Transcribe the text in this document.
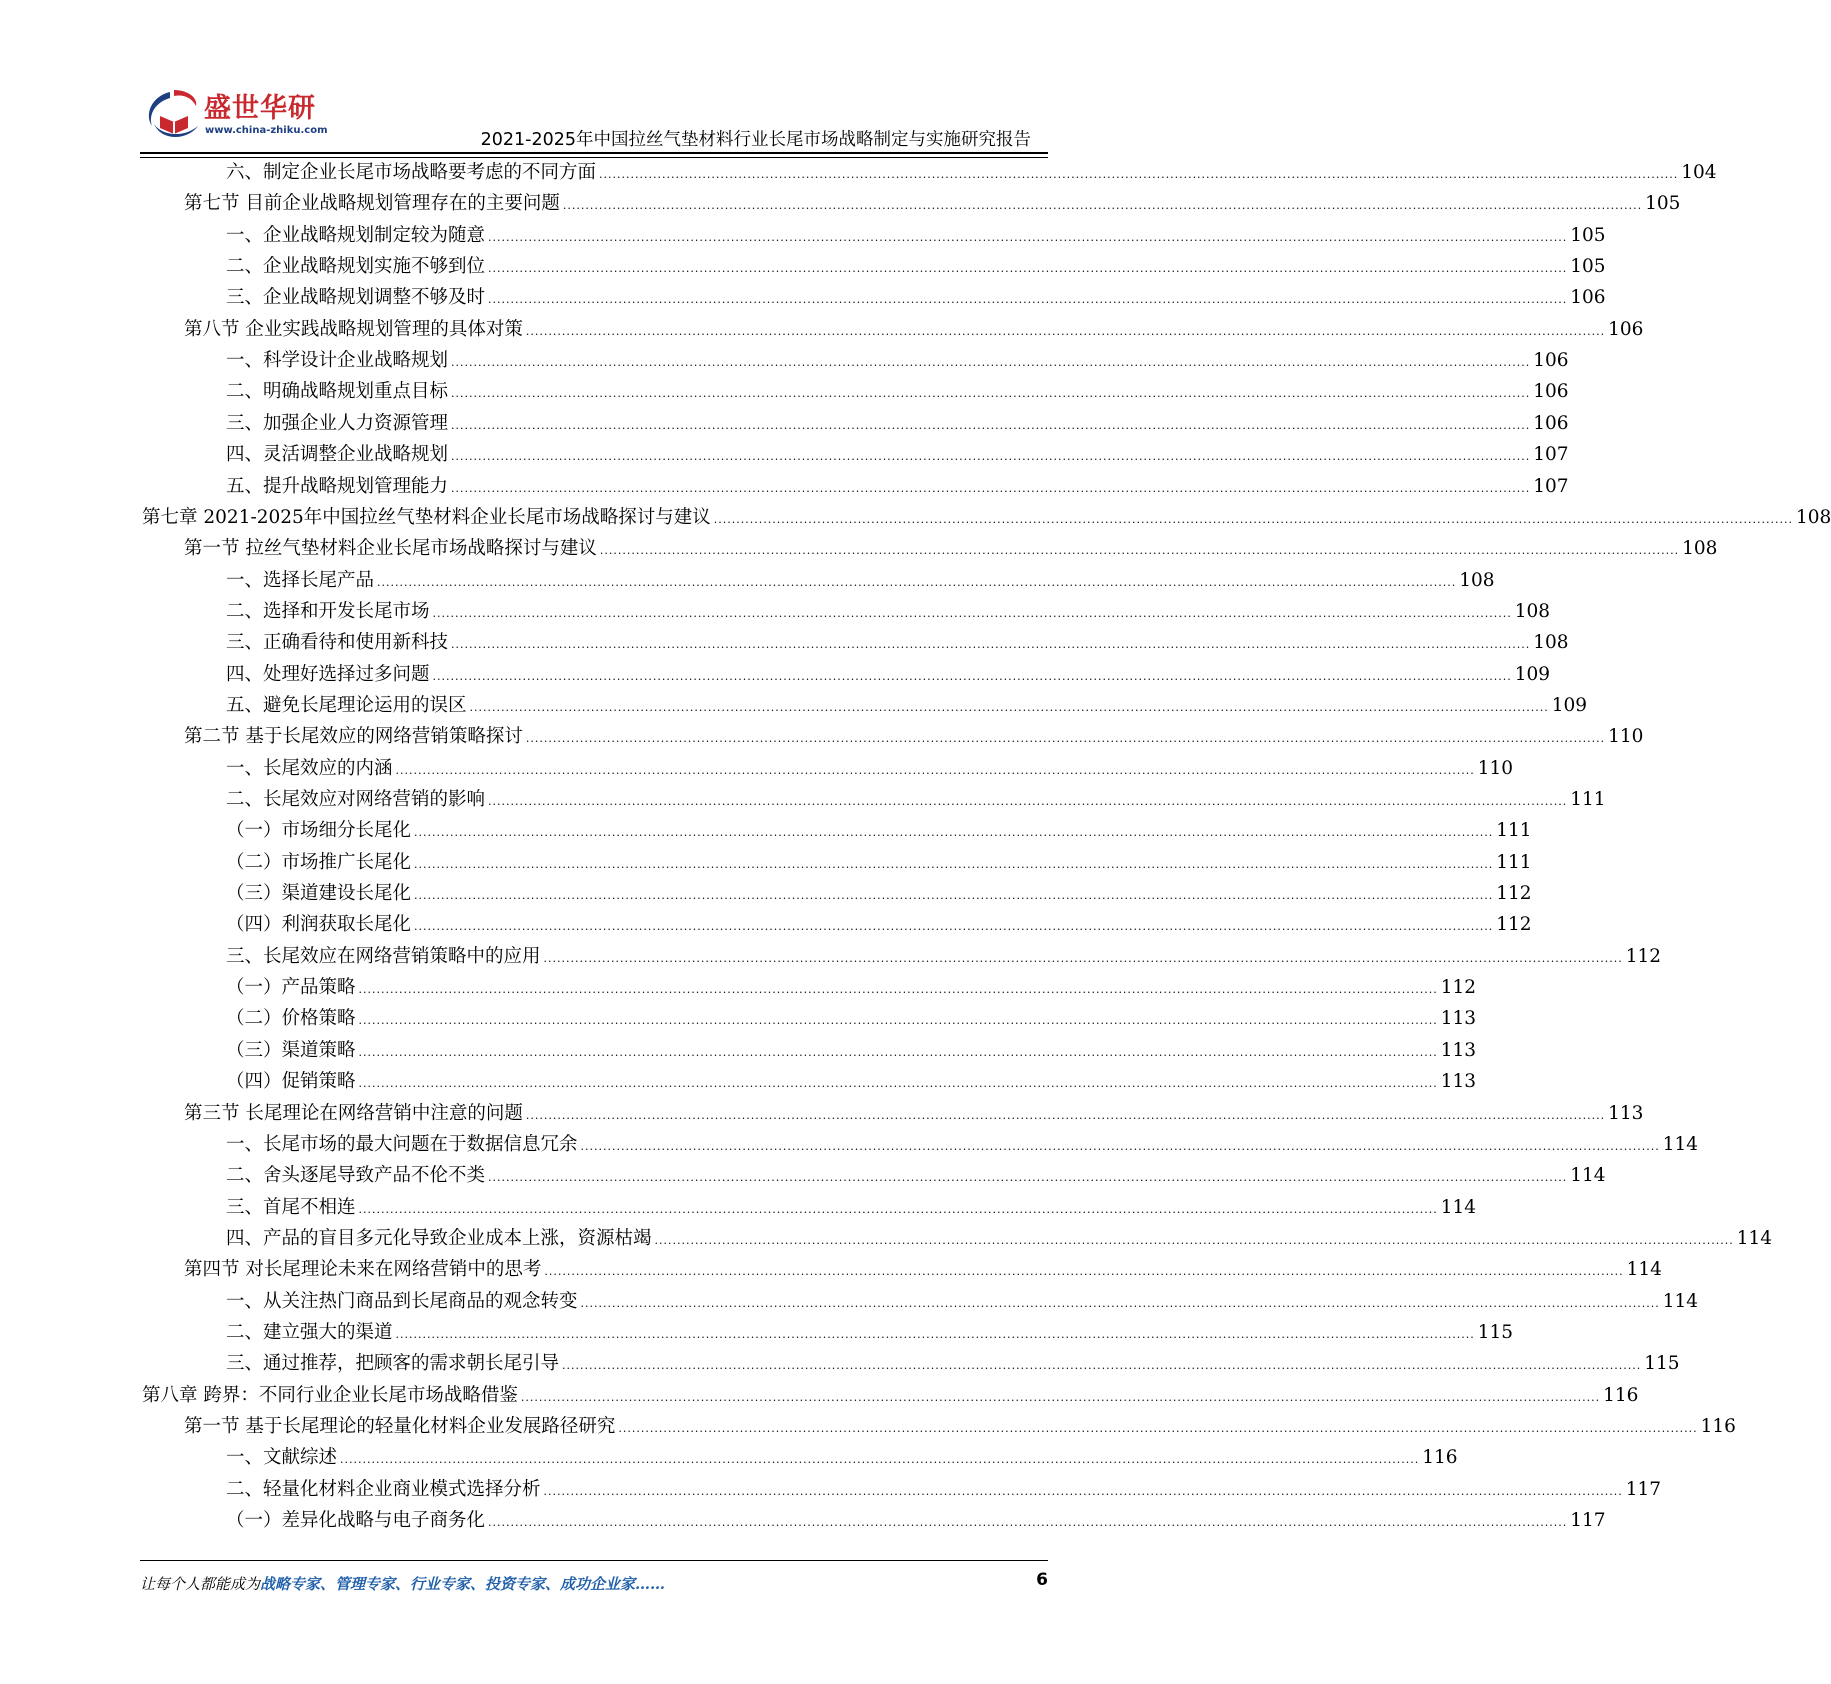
盛世华研
www.china-zhiku.com	2021-2025年中国拉丝气垫材料行业长尾市场战略制定与实施研究报告
六、制定企业长尾市场战略要考虑的不同方面 ................................................................................................................................................................................................................................................ 104
第七节 目前企业战略规划管理存在的主要问题 ................................................................................................................................................................................................................................................ 105
一、企业战略规划制定较为随意 ................................................................................................................................................................................................................................................ 105
二、企业战略规划实施不够到位 ................................................................................................................................................................................................................................................ 105
三、企业战略规划调整不够及时 ................................................................................................................................................................................................................................................ 106
第八节 企业实践战略规划管理的具体对策 ................................................................................................................................................................................................................................................ 106
一、科学设计企业战略规划 ................................................................................................................................................................................................................................................ 106
二、明确战略规划重点目标 ................................................................................................................................................................................................................................................ 106
三、加强企业人力资源管理 ................................................................................................................................................................................................................................................ 106
四、灵活调整企业战略规划 ................................................................................................................................................................................................................................................ 107
五、提升战略规划管理能力 ................................................................................................................................................................................................................................................ 107
第七章 2021-2025年中国拉丝气垫材料企业长尾市场战略探讨与建议 ................................................................................................................................................................................................................................................ 108
第一节 拉丝气垫材料企业长尾市场战略探讨与建议 ................................................................................................................................................................................................................................................ 108
一、选择长尾产品 ................................................................................................................................................................................................................................................ 108
二、选择和开发长尾市场 ................................................................................................................................................................................................................................................ 108
三、正确看待和使用新科技 ................................................................................................................................................................................................................................................ 108
四、处理好选择过多问题 ................................................................................................................................................................................................................................................ 109
五、避免长尾理论运用的误区 ................................................................................................................................................................................................................................................ 109
第二节 基于长尾效应的网络营销策略探讨 ................................................................................................................................................................................................................................................ 110
一、长尾效应的内涵 ................................................................................................................................................................................................................................................ 110
二、长尾效应对网络营销的影响 ................................................................................................................................................................................................................................................ 111
（一）市场细分长尾化 ................................................................................................................................................................................................................................................ 111
（二）市场推广长尾化 ................................................................................................................................................................................................................................................ 111
（三）渠道建设长尾化 ................................................................................................................................................................................................................................................ 112
（四）利润获取长尾化 ................................................................................................................................................................................................................................................ 112
三、长尾效应在网络营销策略中的应用 ................................................................................................................................................................................................................................................ 112
（一）产品策略 ................................................................................................................................................................................................................................................ 112
（二）价格策略 ................................................................................................................................................................................................................................................ 113
（三）渠道策略 ................................................................................................................................................................................................................................................ 113
（四）促销策略 ................................................................................................................................................................................................................................................ 113
第三节 长尾理论在网络营销中注意的问题 ................................................................................................................................................................................................................................................ 113
一、长尾市场的最大问题在于数据信息冗余 ................................................................................................................................................................................................................................................ 114
二、舍头逐尾导致产品不伦不类 ................................................................................................................................................................................................................................................ 114
三、首尾不相连 ................................................................................................................................................................................................................................................ 114
四、产品的盲目多元化导致企业成本上涨，资源枯竭 ................................................................................................................................................................................................................................................ 114
第四节 对长尾理论未来在网络营销中的思考 ................................................................................................................................................................................................................................................ 114
一、从关注热门商品到长尾商品的观念转变 ................................................................................................................................................................................................................................................ 114
二、建立强大的渠道 ................................................................................................................................................................................................................................................ 115
三、通过推荐，把顾客的需求朝长尾引导 ................................................................................................................................................................................................................................................ 115
第八章 跨界：不同行业企业长尾市场战略借鉴 ................................................................................................................................................................................................................................................ 116
第一节 基于长尾理论的轻量化材料企业发展路径研究 ................................................................................................................................................................................................................................................ 116
一、文献综述 ................................................................................................................................................................................................................................................ 116
二、轻量化材料企业商业模式选择分析 ................................................................................................................................................................................................................................................ 117
（一）差异化战略与电子商务化 ................................................................................................................................................................................................................................................ 117
让每个人都能成为战略专家、管理专家、行业专家、投资专家、成功企业家……	6
